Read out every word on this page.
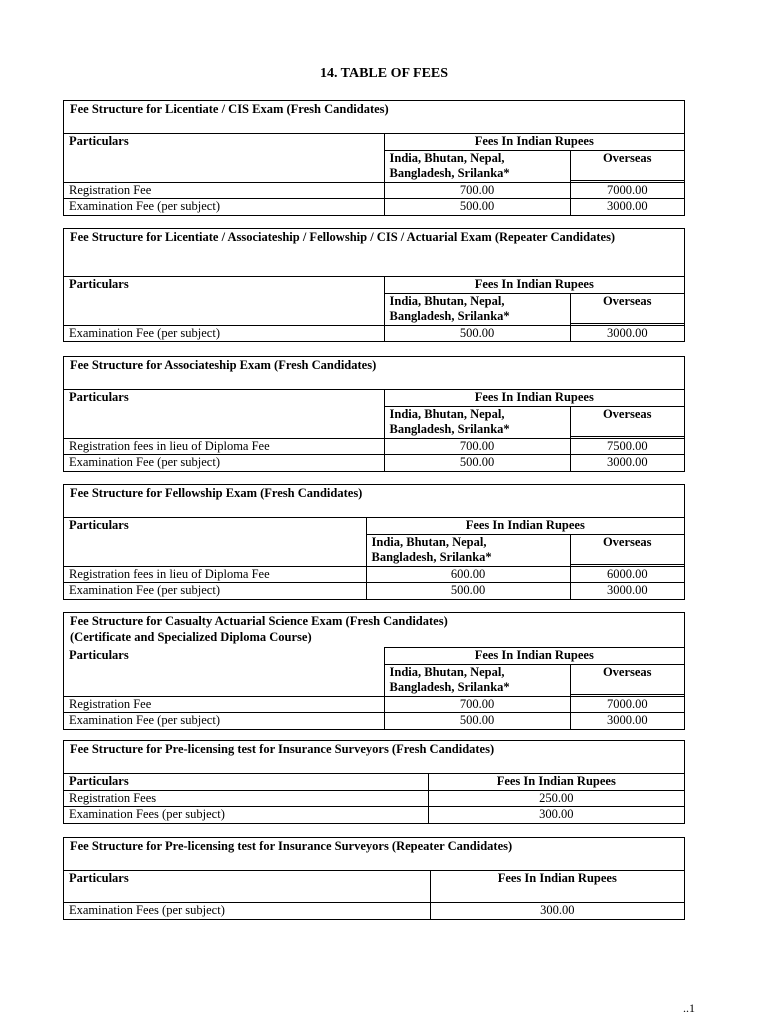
14. TABLE OF FEES
Fee Structure for Licentiate / CIS Exam (Fresh Candidates)
Particulars	Fees In Indian Rupees	
	India, Bhutan, Nepal,
Bangladesh, Srilanka*	Overseas

Registration Fee	700.00	7000.00
Examination Fee (per subject)	500.00	3000.00
Fee Structure for Licentiate / Associateship / Fellowship / CIS / Actuarial Exam (Repeater Candidates)
Particulars	Fees In Indian Rupees	
	India, Bhutan, Nepal,
Bangladesh, Srilanka*	Overseas

Examination Fee (per subject)	500.00	3000.00
Fee Structure for Associateship Exam (Fresh Candidates)
Particulars	Fees In Indian Rupees	
	India, Bhutan, Nepal,
Bangladesh, Srilanka*	Overseas

Registration fees in lieu of Diploma Fee	700.00	7500.00
Examination Fee (per subject)	500.00	3000.00
Fee Structure for Fellowship Exam (Fresh Candidates)
Particulars	Fees In Indian Rupees	
	India, Bhutan, Nepal,
Bangladesh, Srilanka*	Overseas

Registration fees in lieu of Diploma Fee	600.00	6000.00
Examination Fee (per subject)	500.00	3000.00
Fee Structure for Casualty Actuarial Science Exam (Fresh Candidates)
(Certificate and Specialized Diploma Course)
Particulars	Fees In Indian Rupees	
	India, Bhutan, Nepal,
Bangladesh, Srilanka*	Overseas

Registration Fee	700.00	7000.00
Examination Fee (per subject)	500.00	3000.00
Fee Structure for Pre-licensing test for Insurance Surveyors (Fresh Candidates)
Particulars	Fees In Indian Rupees
Registration Fees	250.00
Examination Fees (per subject)	300.00
Fee Structure for Pre-licensing test for Insurance Surveyors (Repeater Candidates)
Particulars	Fees In Indian Rupees
Examination Fees (per subject)	300.00
..1
